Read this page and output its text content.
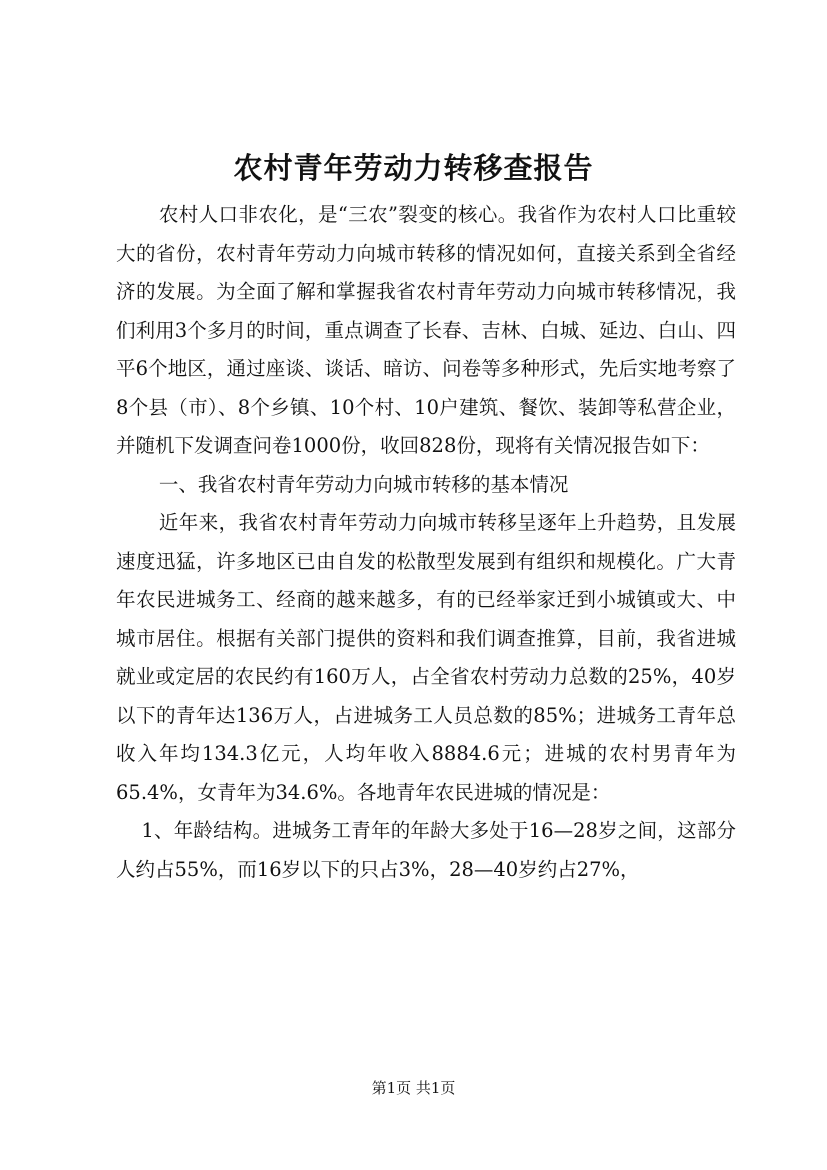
农村青年劳动力转移查报告

农村人口非农化，是“三农”裂变的核心。我省作为农村人口比重较大的省份，农村青年劳动力向城市转移的情况如何，直接关系到全省经济的发展。为全面了解和掌握我省农村青年劳动力向城市转移情况，我们利用3个多月的时间，重点调查了长春、吉林、白城、延边、白山、四平6个地区，通过座谈、谈话、暗访、问卷等多种形式，先后实地考察了8个县（市）、8个乡镇、10个村、10户建筑、餐饮、装卸等私营企业，并随机下发调查问卷1000份，收回828份，现将有关情况报告如下：

一、我省农村青年劳动力向城市转移的基本情况

近年来，我省农村青年劳动力向城市转移呈逐年上升趋势，且发展速度迅猛，许多地区已由自发的松散型发展到有组织和规模化。广大青年农民进城务工、经商的越来越多，有的已经举家迁到小城镇或大、中城市居住。根据有关部门提供的资料和我们调查推算，目前，我省进城就业或定居的农民约有160万人，占全省农村劳动力总数的25%，40岁以下的青年达136万人，占进城务工人员总数的85%；进城务工青年总收入年均134.3亿元，人均年收入8884.6元；进城的农村男青年为65.4%，女青年为34.6%。各地青年农民进城的情况是：

1、年龄结构。进城务工青年的年龄大多处于16—28岁之间，这部分人约占55%，而16岁以下的只占3%，28—40岁约占27%，

第1页 共1页
